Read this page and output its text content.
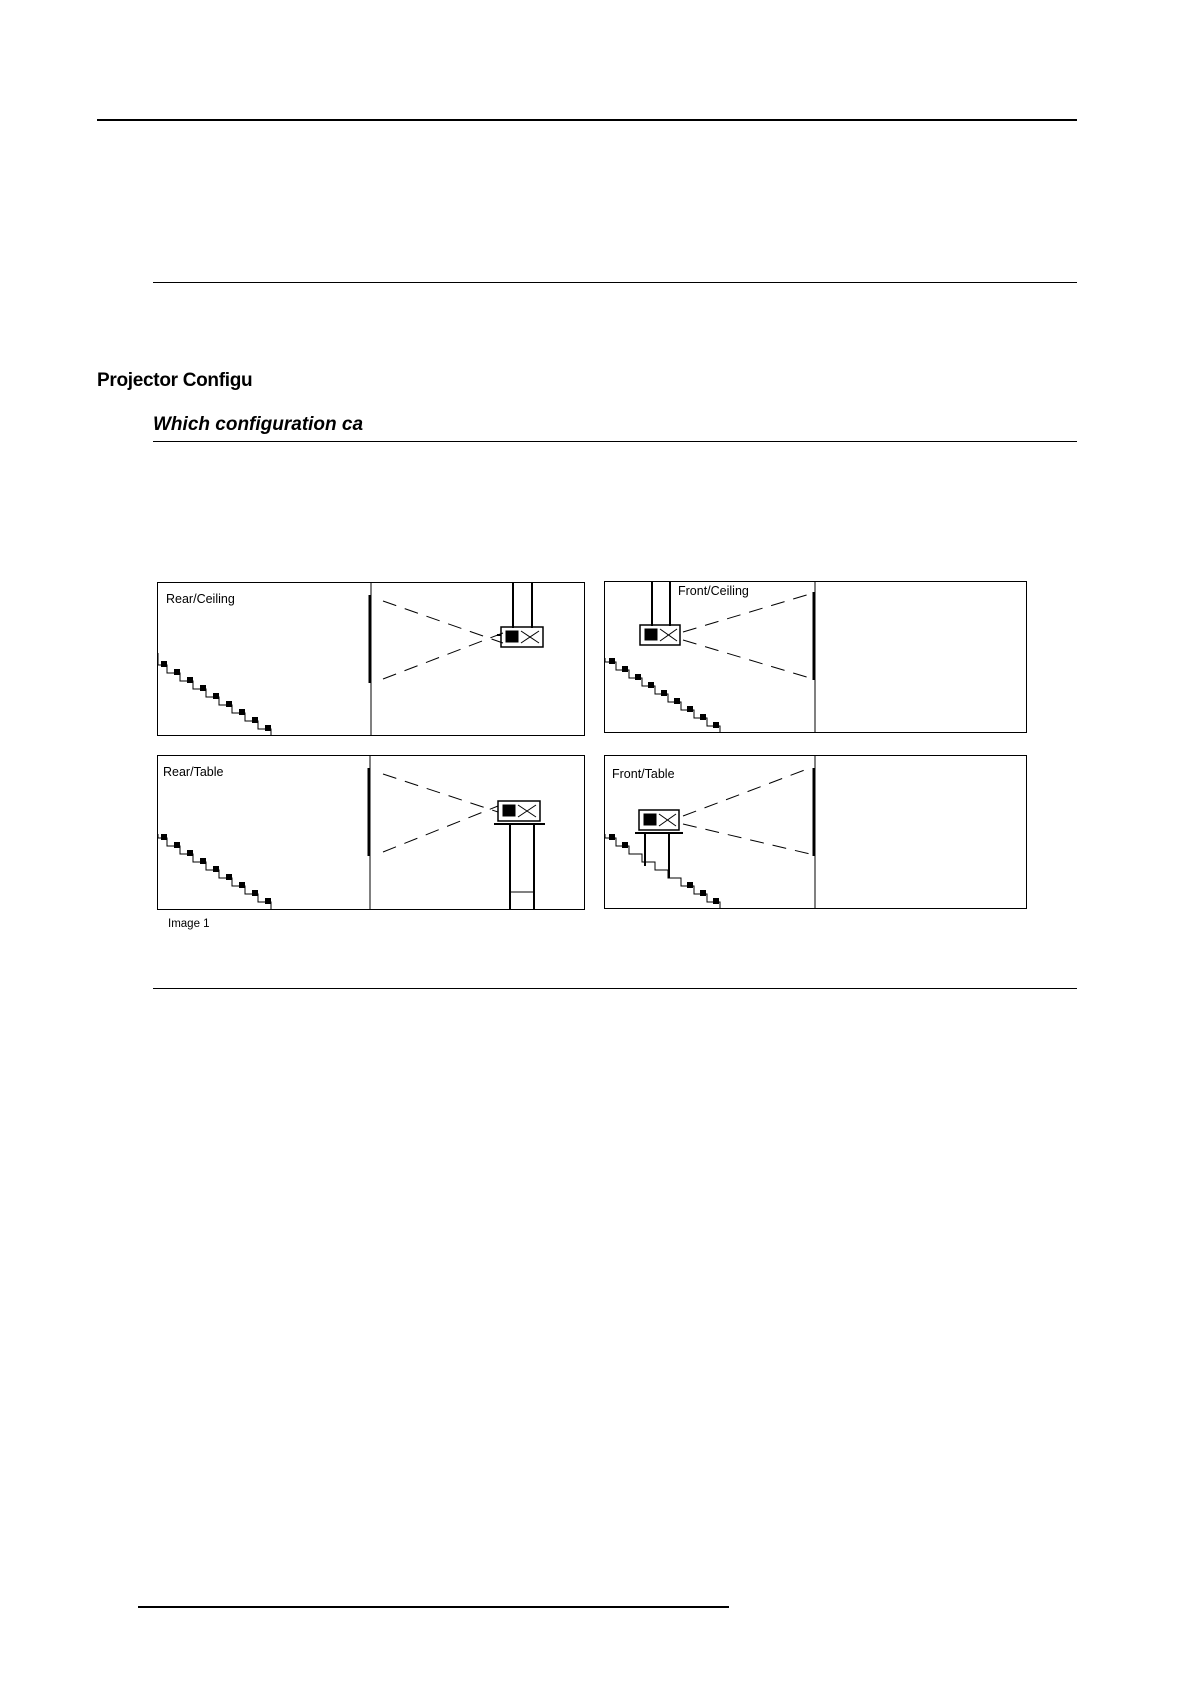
Projector Configu
Which configuration ca
Rear/Ceiling
Front/Ceiling
Rear/Table	Front/Table
Image 1
